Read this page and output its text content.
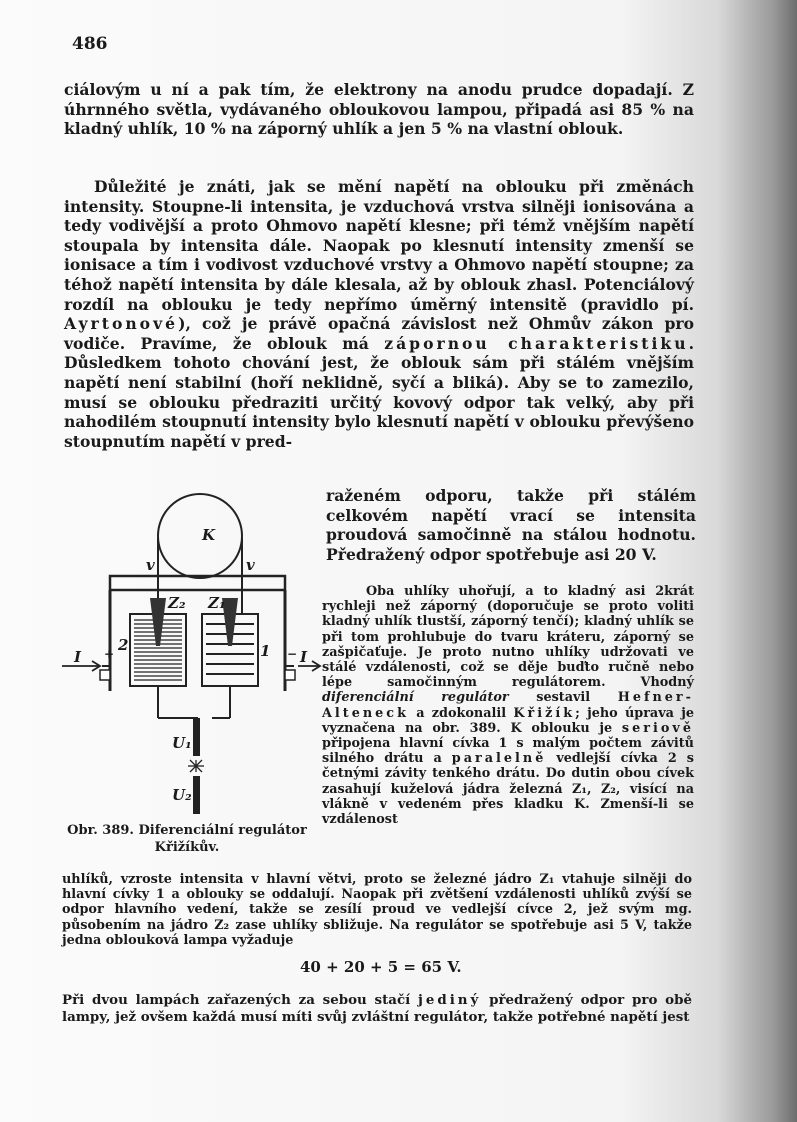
486

ciálovým u ní a pak tím, že elektrony na anodu prudce dopadají. Z úhrnného světla, vydávaného obloukovou lampou, připadá asi 85 % na kladný uhlík, 10 % na záporný uhlík a jen 5 % na vlastní oblouk.

Důležité je znáti, jak se mění napětí na oblouku při změnách intensity. Stoupne-li intensita, je vzduchová vrstva silněji ionisována a tedy vodivější a proto Ohmovo napětí klesne; při témž vnějším napětí stoupala by intensita dále. Naopak po klesnutí intensity zmenší se ionisace a tím i vodivost vzduchové vrstvy a Ohmovo napětí stoupne; za téhož napětí intensita by dále klesala, až by oblouk zhasl. Potenciálový rozdíl na oblouku je tedy nepřímo úměrný intensitě (pravidlo pí. Ayrtonové), což je právě opačná závislost než Ohmův zákon pro vodiče. Pravíme, že oblouk má zápornou charakteristiku. Důsledkem tohoto chování jest, že oblouk sám při stálém vnějším napětí není stabilní (hoří neklidně, syčí a bliká). Aby se to zamezilo, musí se oblouku předraziti určitý kovový odpor tak velký, aby při nahodilém stoupnutí intensity bylo klesnutí napětí v oblouku převýšeno stoupnutím napětí v pred-

raženém odporu, takže při stálém celkovém napětí vrací se intensita proudová samočinně na stálou hodnotu. Předražený odpor spotřebuje asi 20 V.
K
v	v
Z₂ Z₁
2	1
I	I
U₁
U₂
+	−
Obr. 389. Diferenciální regulátor
Křižíkův.

Oba uhlíky uhořují, a to kladný asi 2krát rychleji než záporný (doporučuje se proto voliti kladný uhlík tlustší, záporný tenčí); kladný uhlík se při tom prohlubuje do tvaru kráteru, záporný se zašpičaťuje. Je proto nutno uhlíky udržovati ve stálé vzdálenosti, což se děje buďto ručně nebo lépe samočinným regulátorem. Vhodný diferenciální regulátor sestavil Hefner-Alteneck a zdokonalil Křižík; jeho úprava je vyznačena na obr. 389. K oblouku je seriově připojena hlavní cívka 1 s malým počtem závitů silného drátu a paralelně vedlejší cívka 2 s četnými závity tenkého drátu. Do dutin obou cívek zasahují kuželová jádra železná Z₁, Z₂, visící na vlákně v vedeném přes kladku K. Zmenší-li se vzdálenost

uhlíků, vzroste intensita v hlavní větvi, proto se železné jádro Z₁ vtahuje silněji do hlavní cívky 1 a oblouky se oddalují. Naopak při zvětšení vzdálenosti uhlíků zvýší se odpor hlavního vedení, takže se zesílí proud ve vedlejší cívce 2, jež svým mg. působením na jádro Z₂ zase uhlíky sbližuje. Na regulátor se spotřebuje asi 5 V, takže jedna oblouková lampa vyžaduje

40 + 20 + 5 = 65 V.
Při dvou lampách zařazených za sebou stačí jediný předražený odpor pro obě lampy, jež ovšem každá musí míti svůj zvláštní regulátor, takže potřebné napětí jest
